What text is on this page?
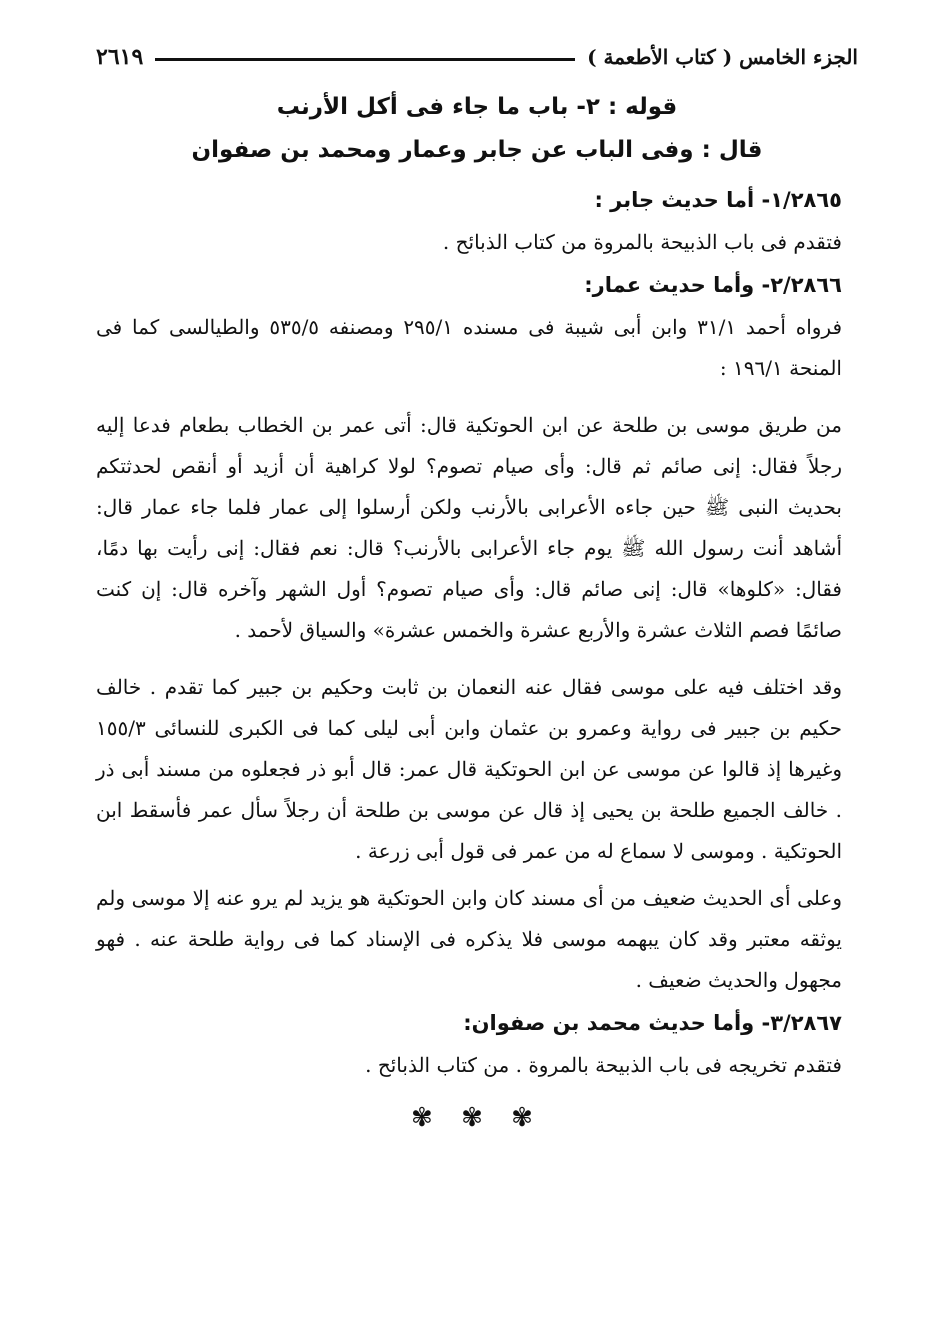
الجزء الخامس ( كتاب الأطعمة )
٢٦١٩

قوله : ٢- باب ما جاء فى أكل الأرنب

قال : وفى الباب عن جابر وعمار ومحمد بن صفوان

١/٢٨٦٥- أما حديث جابر :

فتقدم فى باب الذبيحة بالمروة من كتاب الذبائح .

٢/٢٨٦٦- وأما حديث عمار:

فرواه أحمد ٣١/١ وابن أبى شيبة فى مسنده ٢٩٥/١ ومصنفه ٥٣٥/٥ والطيالسى كما فى المنحة ١٩٦/١ :

من طريق موسى بن طلحة عن ابن الحوتكية قال: أتى عمر بن الخطاب بطعام فدعا إليه رجلاً فقال: إنى صائم ثم قال: وأى صيام تصوم؟ لولا كراهية أن أزيد أو أنقص لحدثتكم بحديث النبى ﷺ حين جاءه الأعرابى بالأرنب ولكن أرسلوا إلى عمار فلما جاء عمار قال: أشاهد أنت رسول الله ﷺ يوم جاء الأعرابى بالأرنب؟ قال: نعم فقال: إنى رأيت بها دمًا، فقال: «كلوها» قال: إنى صائم قال: وأى صيام تصوم؟ أول الشهر وآخره قال: إن كنت صائمًا فصم الثلاث عشرة والأربع عشرة والخمس عشرة» والسياق لأحمد .

وقد اختلف فيه على موسى فقال عنه النعمان بن ثابت وحكيم بن جبير كما تقدم . خالف حكيم بن جبير فى رواية وعمرو بن عثمان وابن أبى ليلى كما فى الكبرى للنسائى ١٥٥/٣ وغيرها إذ قالوا عن موسى عن ابن الحوتكية قال عمر: قال أبو ذر فجعلوه من مسند أبى ذر . خالف الجميع طلحة بن يحيى إذ قال عن موسى بن طلحة أن رجلاً سأل عمر فأسقط ابن الحوتكية . وموسى لا سماع له من عمر فى قول أبى زرعة .

وعلى أى الحديث ضعيف من أى مسند كان وابن الحوتكية هو يزيد لم يرو عنه إلا موسى ولم يوثقه معتبر وقد كان يبهمه موسى فلا يذكره فى الإسناد كما فى رواية طلحة عنه . فهو مجهول والحديث ضعيف .

٣/٢٨٦٧- وأما حديث محمد بن صفوان:

فتقدم تخريجه فى باب الذبيحة بالمروة . من كتاب الذبائح .

✾ ✾ ✾
